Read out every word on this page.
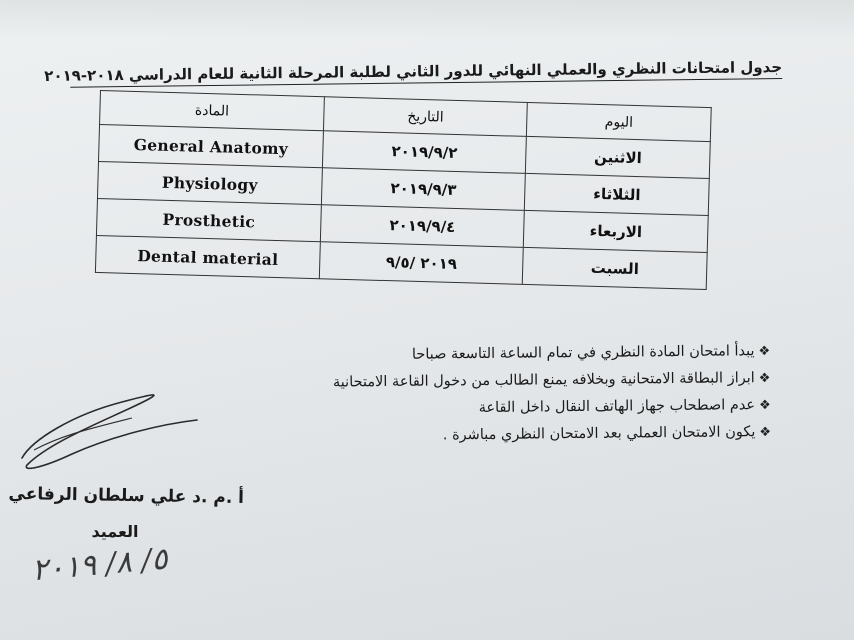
جدول امتحانات النظري والعملي النهائي للدور الثاني لطلبة المرحلة الثانية للعام الدراسي ٢٠١٨-٢٠١٩
المادة	التاريخ	اليوم
General Anatomy	٢٠١٩/٩/٢	الاثنين
Physiology	٢٠١٩/٩/٣	الثلاثاء
Prosthetic	٢٠١٩/٩/٤	الاربعاء
Dental material	٢٠١٩ /٩/٥	السبت
❖
يبدأ امتحان المادة النظري في تمام الساعة التاسعة صباحا
❖
ابراز البطاقة الامتحانية وبخلافه يمنع الطالب من دخول القاعة الامتحانية
❖
عدم اصطحاب جهاز الهاتف النقال داخل القاعة
❖
يكون الامتحان العملي بعد الامتحان النظري مباشرة .
أ .م .د علي سلطان الرفاعي
العميد
٥/ ٨/ ٢٠١٩
